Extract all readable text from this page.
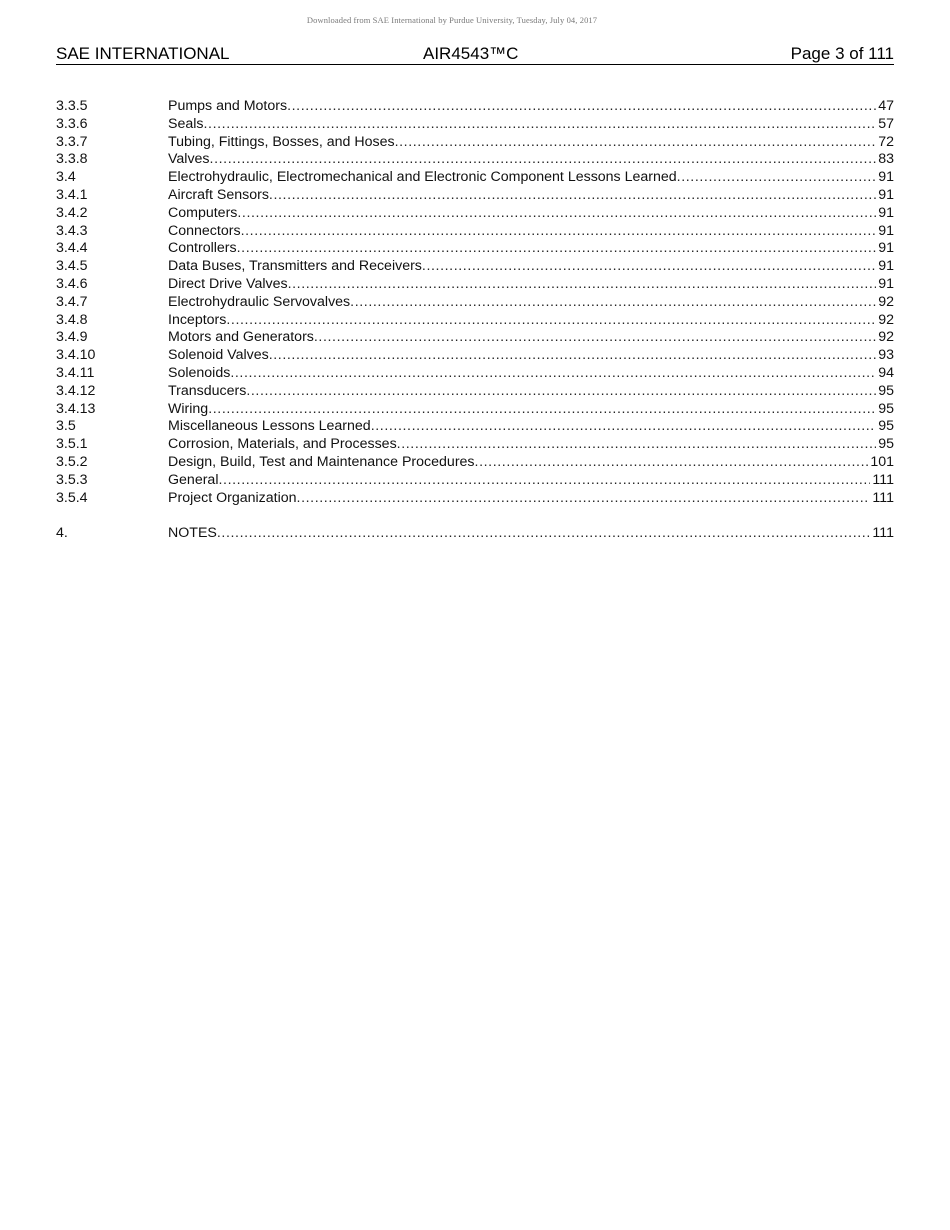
Downloaded from SAE International by Purdue University, Tuesday, July 04, 2017
SAE INTERNATIONAL	AIR4543™C	Page 3 of 111
3.3.5	Pumps and Motors .....	47
3.3.6	Seals .....	57
3.3.7	Tubing, Fittings, Bosses, and Hoses .....	72
3.3.8	Valves .....	83
3.4	Electrohydraulic, Electromechanical and Electronic Component Lessons Learned .....	91
3.4.1	Aircraft Sensors .....	91
3.4.2	Computers .....	91
3.4.3	Connectors .....	91
3.4.4	Controllers .....	91
3.4.5	Data Buses, Transmitters and Receivers .....	91
3.4.6	Direct Drive Valves .....	91
3.4.7	Electrohydraulic Servovalves .....	92
3.4.8	Inceptors .....	92
3.4.9	Motors and Generators .....	92
3.4.10	Solenoid Valves .....	93
3.4.11	Solenoids .....	94
3.4.12	Transducers .....	95
3.4.13	Wiring .....	95
3.5	Miscellaneous Lessons Learned .....	95
3.5.1	Corrosion, Materials, and Processes .....	95
3.5.2	Design, Build, Test and Maintenance Procedures .....	101
3.5.3	General .....	111
3.5.4	Project Organization .....	111
4.	NOTES .....	111
